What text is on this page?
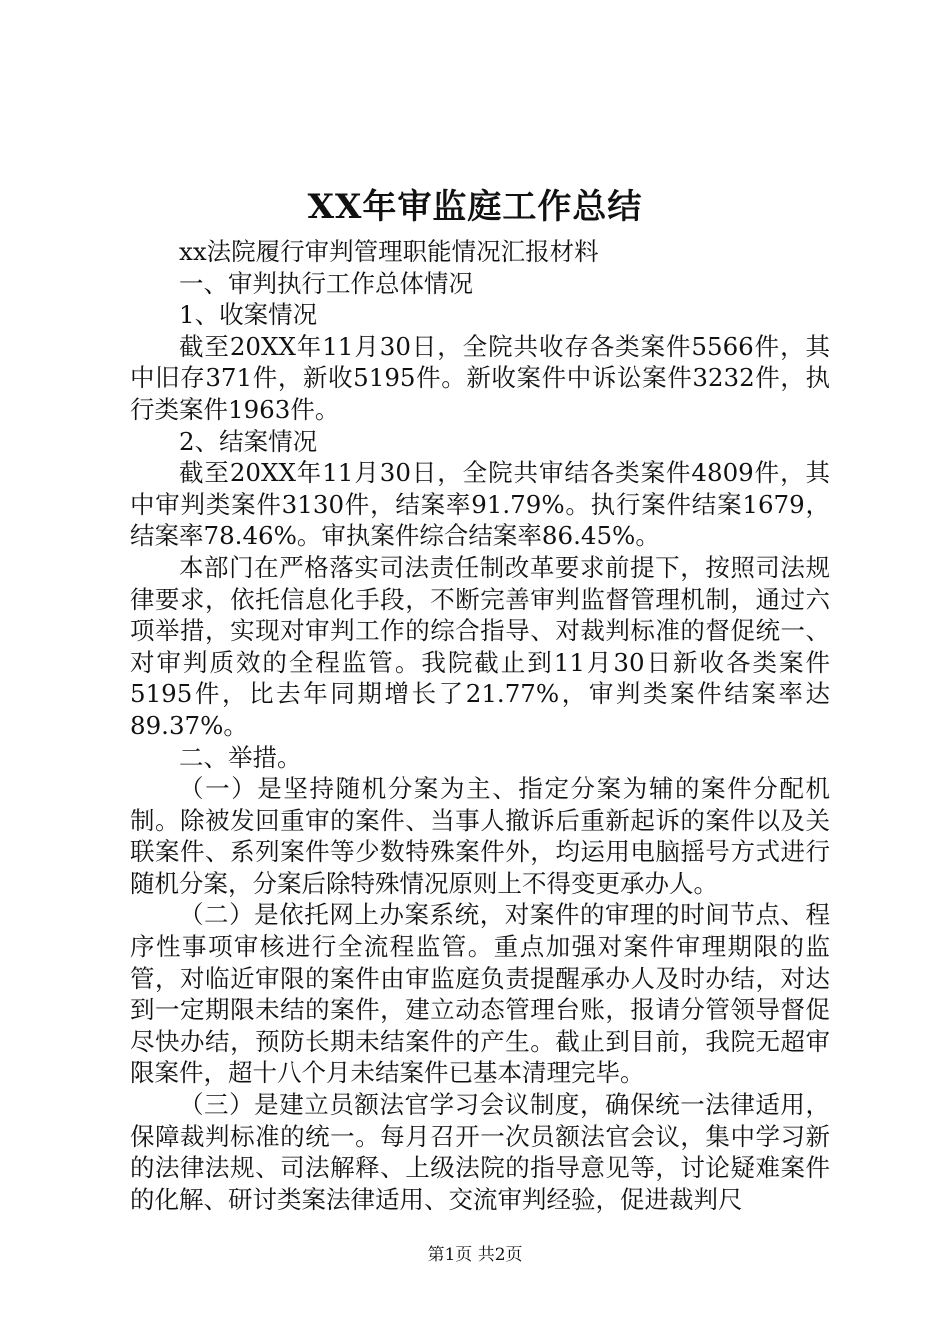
XX年审监庭工作总结

xx法院履行审判管理职能情况汇报材料

一、审判执行工作总体情况

1、收案情况

截至20XX年11月30日，全院共收存各类案件5566件，其中旧存371件，新收5195件。新收案件中诉讼案件3232件，执行类案件1963件。

2、结案情况

截至20XX年11月30日，全院共审结各类案件4809件，其中审判类案件3130件，结案率91.79%。执行案件结案1679，结案率78.46%。审执案件综合结案率86.45%。

本部门在严格落实司法责任制改革要求前提下，按照司法规律要求，依托信息化手段，不断完善审判监督管理机制，通过六项举措，实现对审判工作的综合指导、对裁判标准的督促统一、对审判质效的全程监管。我院截止到11月30日新收各类案件5195件，比去年同期增长了21.77%，审判类案件结案率达89.37%。

二、举措。

（一）是坚持随机分案为主、指定分案为辅的案件分配机制。除被发回重审的案件、当事人撤诉后重新起诉的案件以及关联案件、系列案件等少数特殊案件外，均运用电脑摇号方式进行随机分案，分案后除特殊情况原则上不得变更承办人。

（二）是依托网上办案系统，对案件的审理的时间节点、程序性事项审核进行全流程监管。重点加强对案件审理期限的监管，对临近审限的案件由审监庭负责提醒承办人及时办结，对达到一定期限未结的案件，建立动态管理台账，报请分管领导督促尽快办结，预防长期未结案件的产生。截止到目前，我院无超审限案件，超十八个月未结案件已基本清理完毕。

（三）是建立员额法官学习会议制度，确保统一法律适用，保障裁判标准的统一。每月召开一次员额法官会议，集中学习新的法律法规、司法解释、上级法院的指导意见等，讨论疑难案件的化解、研讨类案法律适用、交流审判经验，促进裁判尺

第1页 共2页
